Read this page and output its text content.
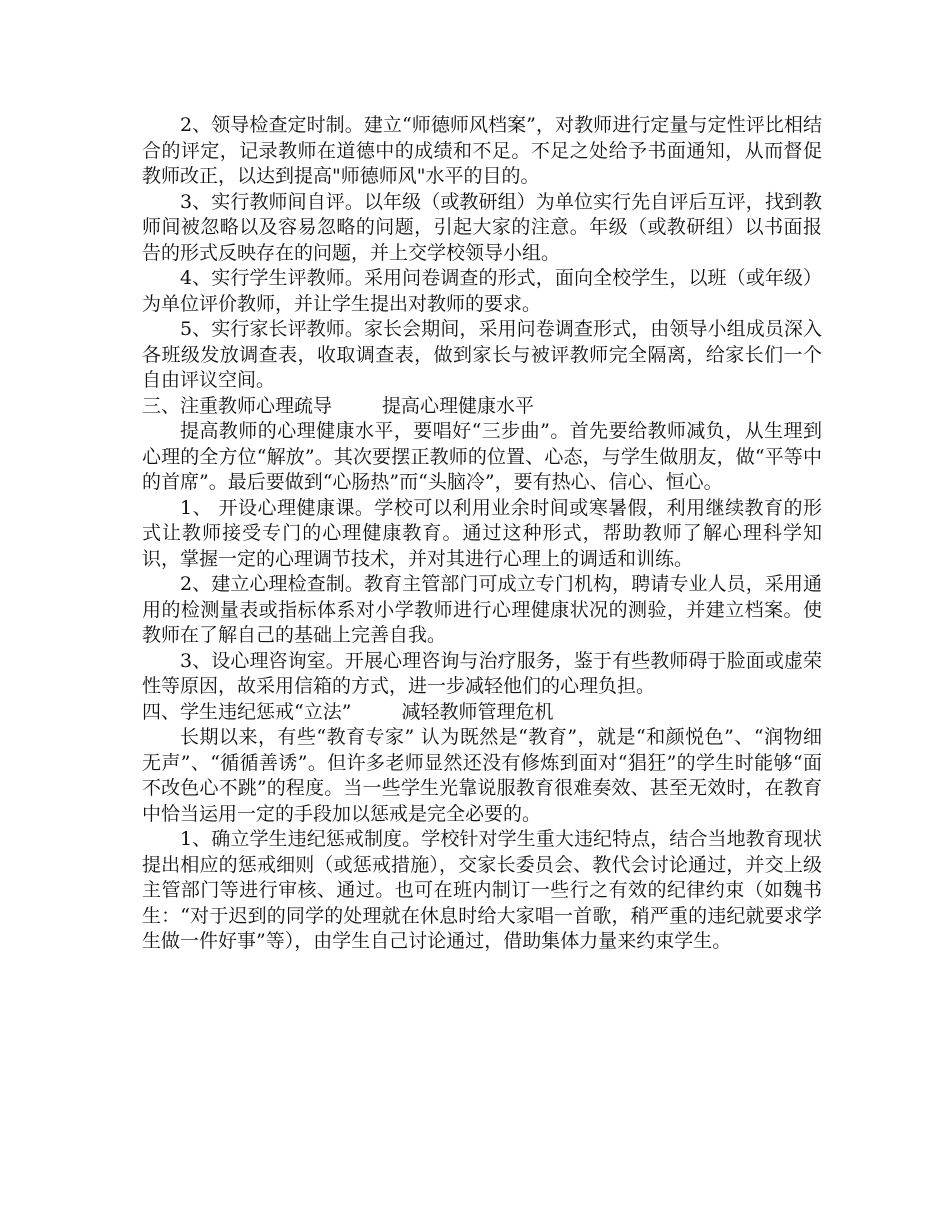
2、领导检查定时制。建立“师德师风档案”，对教师进行定量与定性评比相结合的评定，记录教师在道德中的成绩和不足。不足之处给予书面通知，从而督促教师改正，以达到提高"师德师风"水平的目的。

3、实行教师间自评。以年级（或教研组）为单位实行先自评后互评，找到教师间被忽略以及容易忽略的问题，引起大家的注意。年级（或教研组）以书面报告的形式反映存在的问题，并上交学校领导小组。

4、实行学生评教师。采用问卷调查的形式，面向全校学生，以班（或年级）为单位评价教师，并让学生提出对教师的要求。

5、实行家长评教师。家长会期间，采用问卷调查形式，由领导小组成员深入各班级发放调查表，收取调查表，做到家长与被评教师完全隔离，给家长们一个自由评议空间。

三、注重教师心理疏导	提高心理健康水平

提高教师的心理健康水平，要唱好“三步曲”。首先要给教师减负，从生理到心理的全方位“解放”。其次要摆正教师的位置、心态，与学生做朋友，做“平等中的首席”。最后要做到“心肠热”而“头脑冷”，要有热心、信心、恒心。

1、 开设心理健康课。学校可以利用业余时间或寒暑假，利用继续教育的形式让教师接受专门的心理健康教育。通过这种形式，帮助教师了解心理科学知识，掌握一定的心理调节技术，并对其进行心理上的调适和训练。

2、建立心理检查制。教育主管部门可成立专门机构，聘请专业人员，采用通用的检测量表或指标体系对小学教师进行心理健康状况的测验，并建立档案。使教师在了解自己的基础上完善自我。

3、设心理咨询室。开展心理咨询与治疗服务，鉴于有些教师碍于脸面或虚荣性等原因，故采用信箱的方式，进一步减轻他们的心理负担。

四、学生违纪惩戒“立法”	减轻教师管理危机

长期以来，有些“教育专家” 认为既然是“教育”，就是“和颜悦色”、“润物细无声”、“循循善诱”。但许多老师显然还没有修炼到面对“猖狂”的学生时能够“面不改色心不跳”的程度。当一些学生光靠说服教育很难奏效、甚至无效时，在教育中恰当运用一定的手段加以惩戒是完全必要的。

1、确立学生违纪惩戒制度。学校针对学生重大违纪特点，结合当地教育现状提出相应的惩戒细则（或惩戒措施），交家长委员会、教代会讨论通过，并交上级主管部门等进行审核、通过。也可在班内制订一些行之有效的纪律约束（如魏书生：“对于迟到的同学的处理就在休息时给大家唱一首歌，稍严重的违纪就要求学生做一件好事”等），由学生自己讨论通过，借助集体力量来约束学生。
